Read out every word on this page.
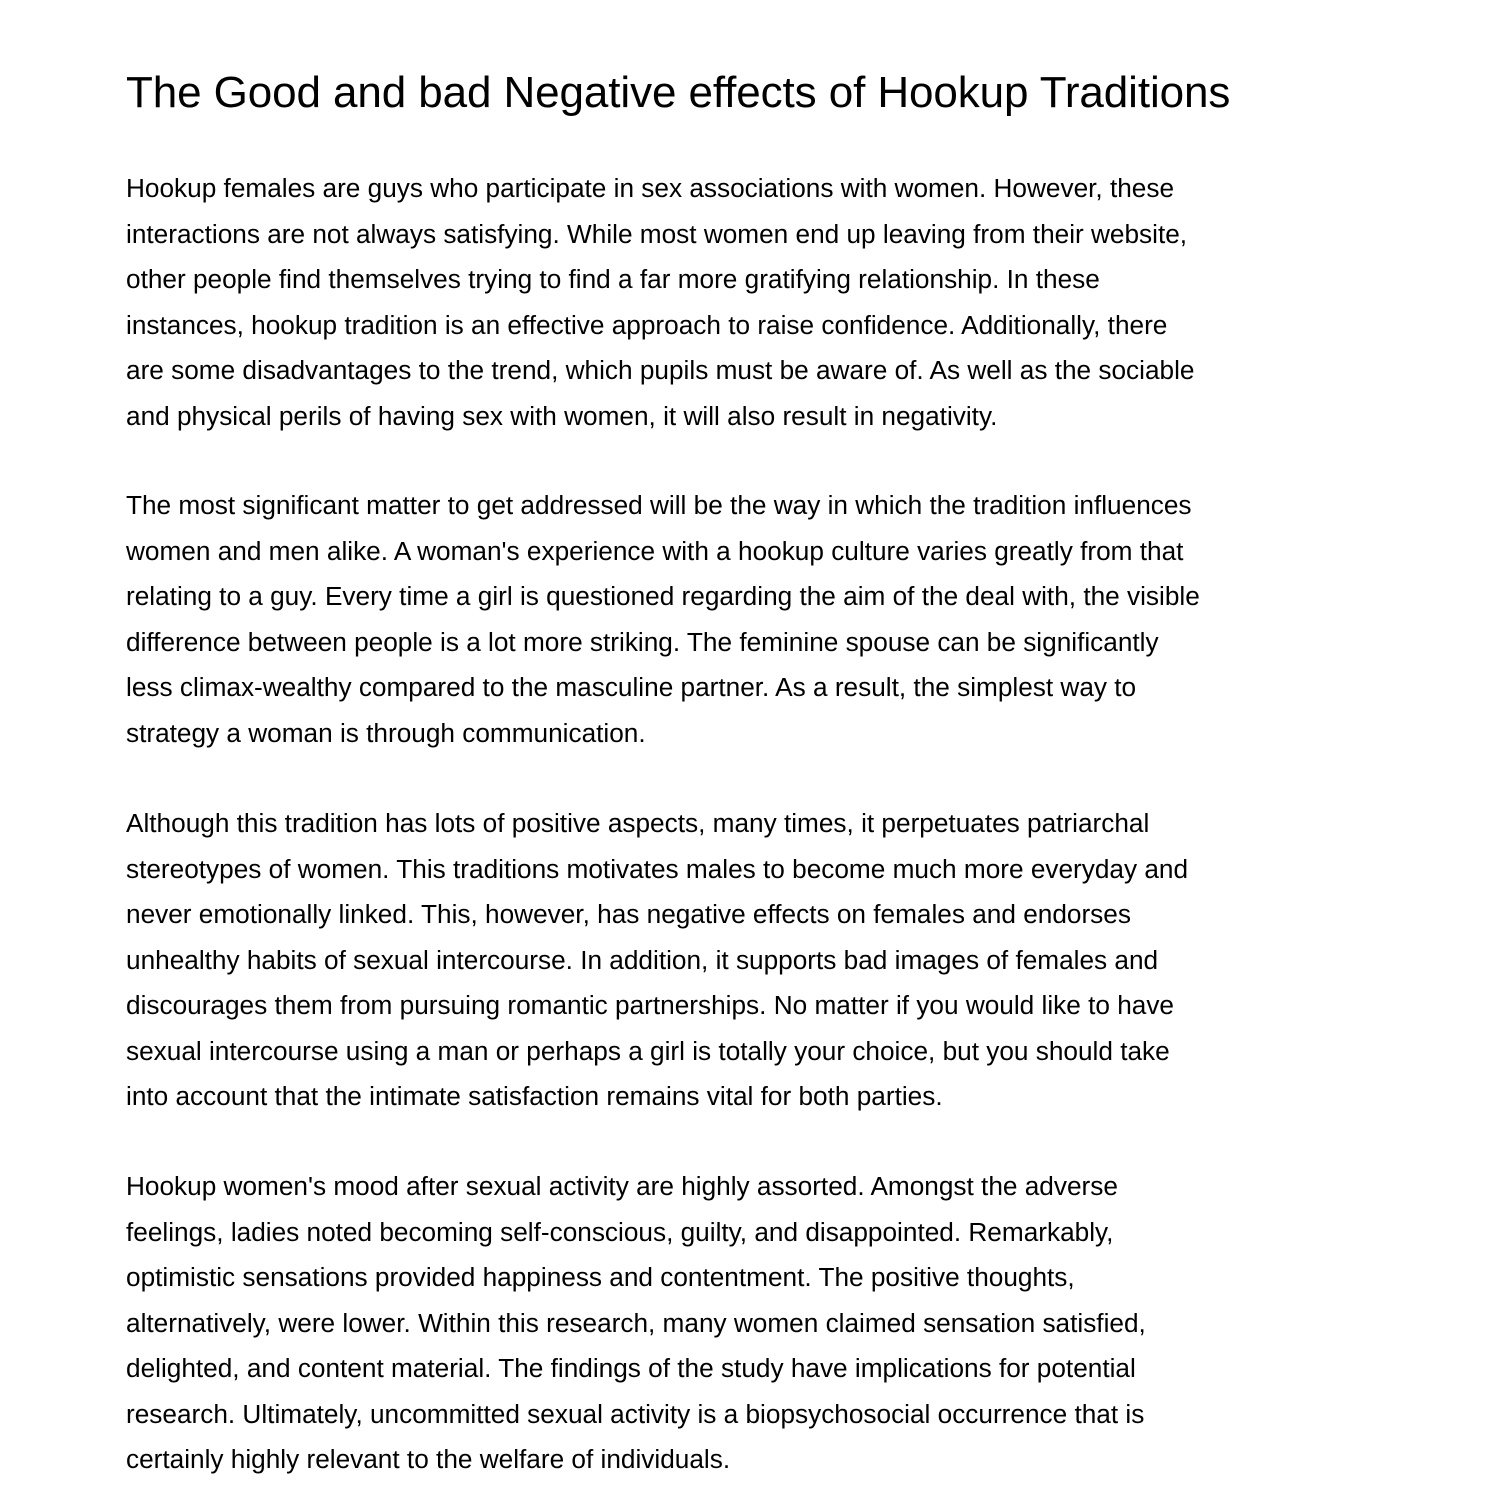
The Good and bad Negative effects of Hookup Traditions

Hookup females are guys who participate in sex associations with women. However, these
interactions are not always satisfying. While most women end up leaving from their website,
other people find themselves trying to find a far more gratifying relationship. In these
instances, hookup tradition is an effective approach to raise confidence. Additionally, there
are some disadvantages to the trend, which pupils must be aware of. As well as the sociable
and physical perils of having sex with women, it will also result in negativity.

The most significant matter to get addressed will be the way in which the tradition influences
women and men alike. A woman's experience with a hookup culture varies greatly from that
relating to a guy. Every time a girl is questioned regarding the aim of the deal with, the visible
difference between people is a lot more striking. The feminine spouse can be significantly
less climax-wealthy compared to the masculine partner. As a result, the simplest way to
strategy a woman is through communication.

Although this tradition has lots of positive aspects, many times, it perpetuates patriarchal
stereotypes of women. This traditions motivates males to become much more everyday and
never emotionally linked. This, however, has negative effects on females and endorses
unhealthy habits of sexual intercourse. In addition, it supports bad images of females and
discourages them from pursuing romantic partnerships. No matter if you would like to have
sexual intercourse using a man or perhaps a girl is totally your choice, but you should take
into account that the intimate satisfaction remains vital for both parties.

Hookup women's mood after sexual activity are highly assorted. Amongst the adverse
feelings, ladies noted becoming self-conscious, guilty, and disappointed. Remarkably,
optimistic sensations provided happiness and contentment. The positive thoughts,
alternatively, were lower. Within this research, many women claimed sensation satisfied,
delighted, and content material. The findings of the study have implications for potential
research. Ultimately, uncommitted sexual activity is a biopsychosocial occurrence that is
certainly highly relevant to the welfare of individuals.
